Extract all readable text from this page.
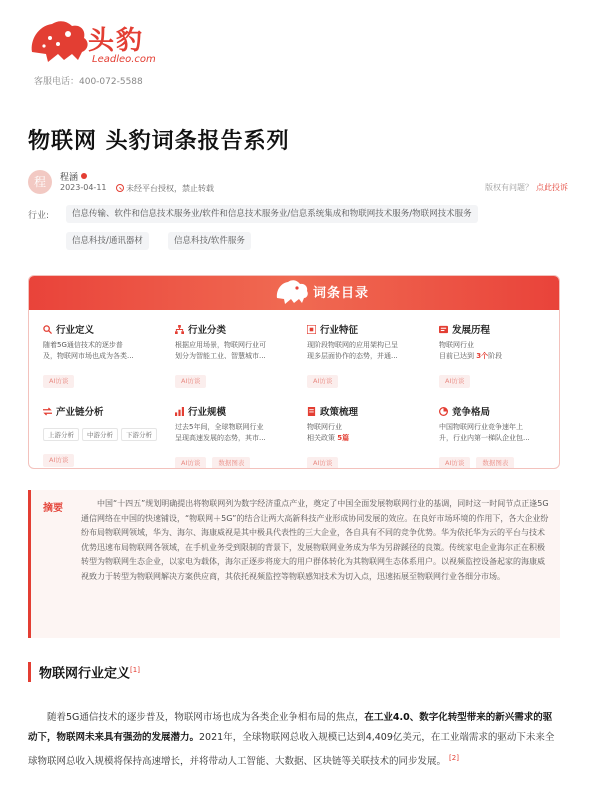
头豹
Leadleo.com
客服电话：400-072-5588
物联网 头豹词条报告系列
程	程涵
2023-04-11	未经平台授权，禁止转载	版权有问题？ 点此投诉
行业:	信息传输、软件和信息技术服务业/软件和信息技术服务业/信息系统集成和物联网技术服务/物联网技术服务
信息科技/通讯器材	信息科技/软件服务
词条目录
行业定义
随着5G通信技术的逐步普
及，物联网市场也成为各类...
AI访谈
行业分类
根据应用场景，物联网行业可
划分为智能工业、智慧城市...
AI访谈
行业特征
现阶段物联网的应用架构已呈
现多层面协作的态势，并通...
AI访谈
发展历程
物联网行业
目前已达到 3个阶段
AI访谈
产业链分析
上游分析 中游分析 下游分析
AI访谈
行业规模
过去5年间，全球物联网行业
呈现高速发展的态势，其市...
AI访谈	数据图表
政策梳理
物联网行业
相关政策 5篇
AI访谈
竞争格局
中国物联网行业竞争速年上
升，行业内第一梯队企业包...
AI访谈	数据图表
摘要	中国“十四五”规划明确提出将物联网列为数字经济重点产业，奠定了中国全面发展物联网行业的基调，同时这一时间节点正逢5G通信网络在中国的快速铺设，“物联网＋5G”的结合让两大高新科技产业形成协同发展的效应。在良好市场环境的作用下，各大企业纷纷布局物联网领域，华为、海尔、海康威视是其中极具代表性的三大企业，各自具有不同的竞争优势。华为依托华为云的平台与技术优势迅速布局物联网各领域，在手机业务受到限制的背景下，发展物联网业务成为华为另辟蹊径的良策。传统家电企业海尔正在积极转型为物联网生态企业，以家电为载体，海尔正逐步将庞大的用户群体转化为其物联网生态体系用户。以视频监控设备起家的海康威视致力于转型为物联网解决方案供应商，其依托视频监控等物联感知技术为切入点，迅速拓展至物联网行业各细分市场。
物联网行业定义[1]
随着5G通信技术的逐步普及，物联网市场也成为各类企业争相布局的焦点，在工业4.0、数字化转型带来的新兴需求的驱动下，物联网未来具有强劲的发展潜力。2021年，全球物联网总收入规模已达到4,409亿美元，在工业端需求的驱动下未来全球物联网总收入规模将保持高速增长，并将带动人工智能、大数据、区块链等关联技术的同步发展。 [2]
